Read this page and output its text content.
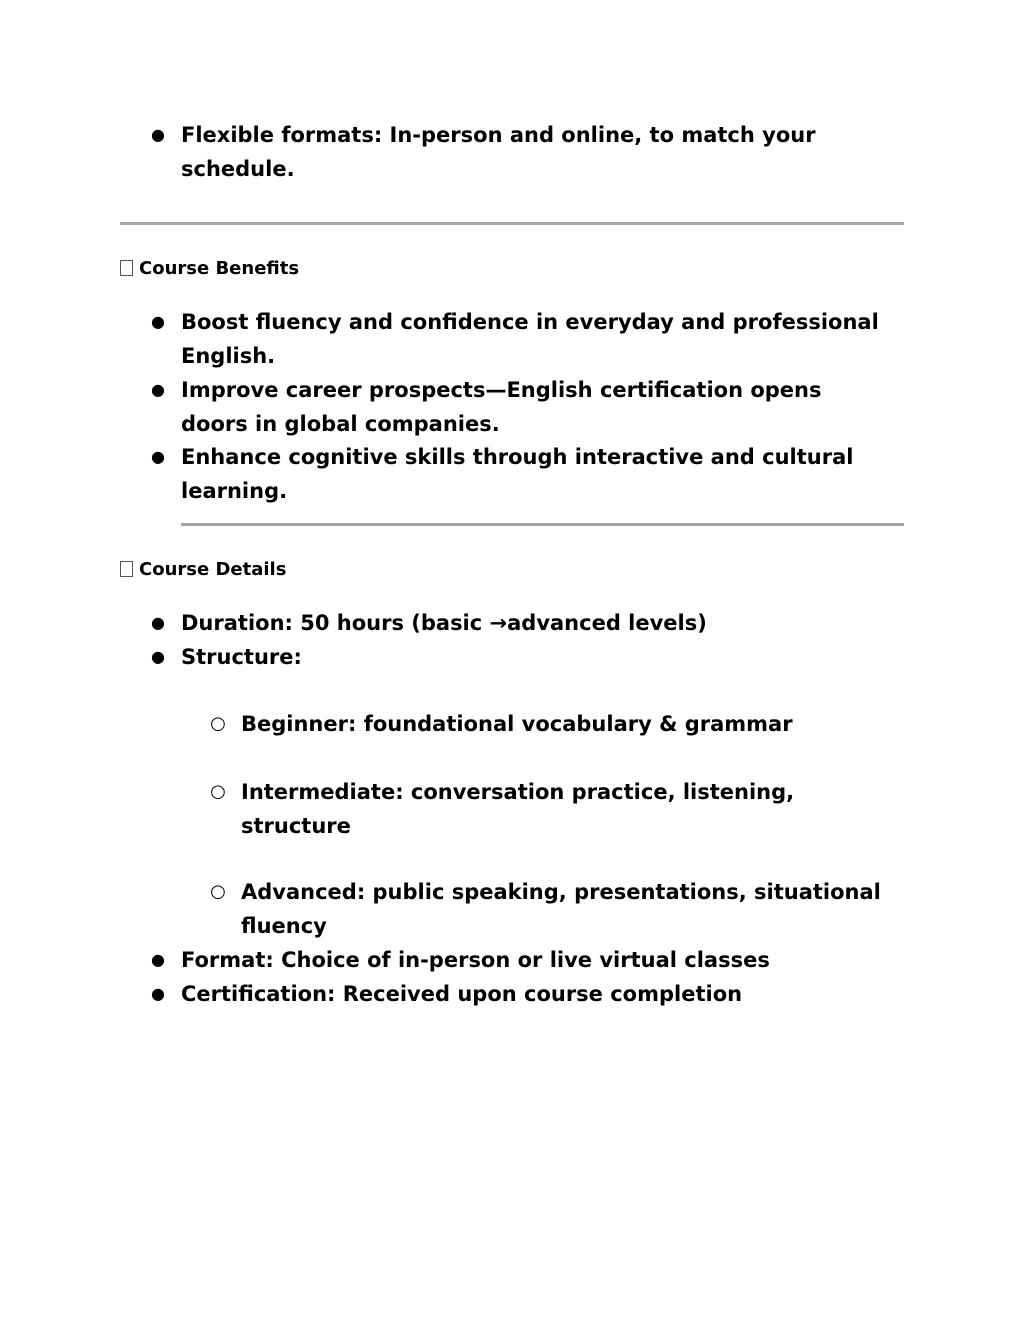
● Flexible formats: In-person and online, to match your schedule.
Course Benefits
● Boost fluency and confidence in everyday and professional English.
● Improve career prospects—English certification opens doors in global companies.
● Enhance cognitive skills through interactive and cultural learning.
Course Details
● Duration: 50 hours (basic →advanced levels)
● Structure:
○ Beginner: foundational vocabulary & grammar
○ Intermediate: conversation practice, listening, structure
○ Advanced: public speaking, presentations, situational fluency
● Format: Choice of in-person or live virtual classes
● Certification: Received upon course completion
